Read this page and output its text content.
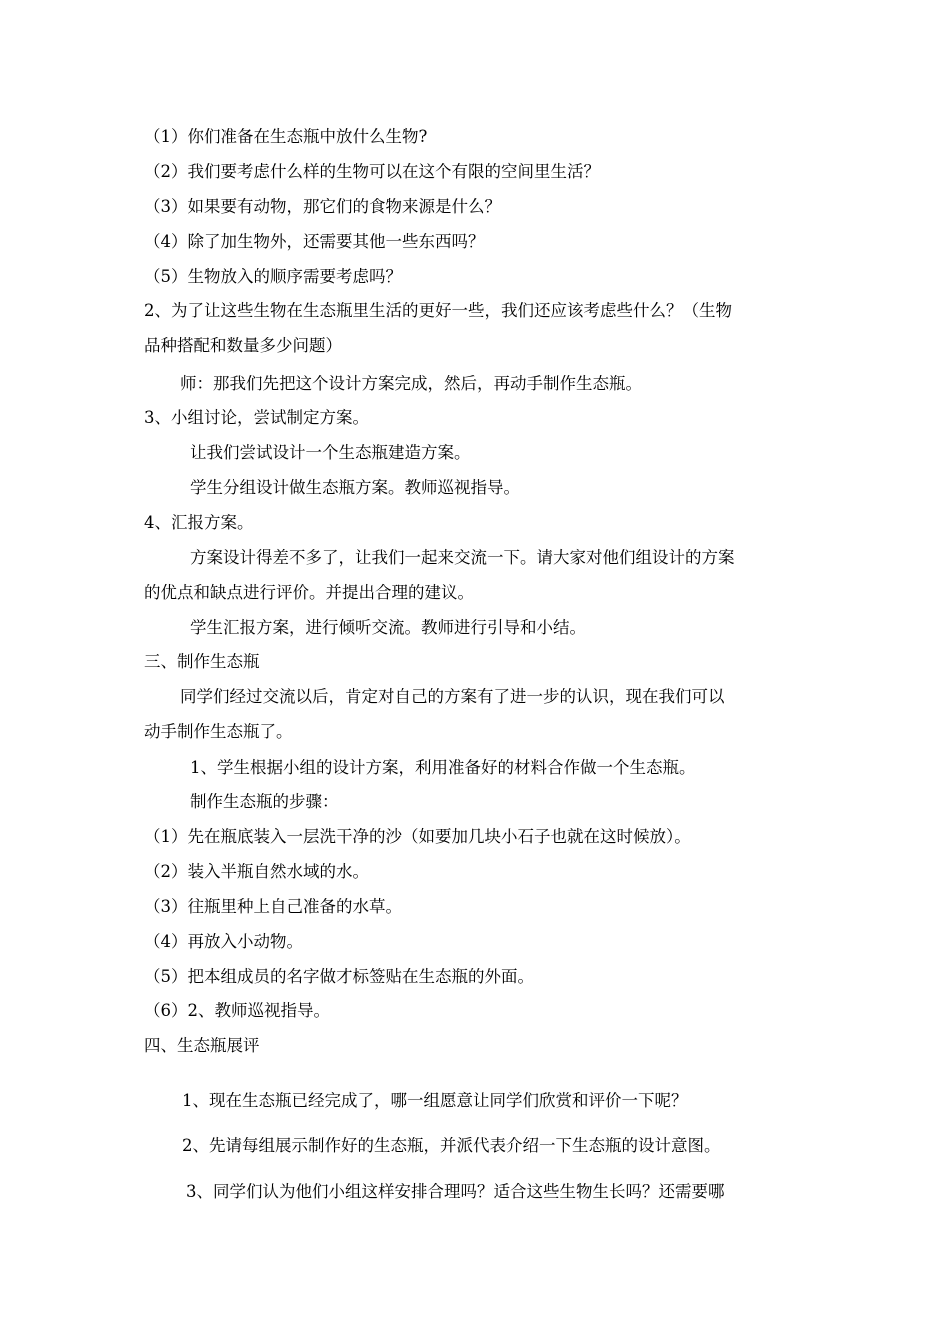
（1）你们准备在生态瓶中放什么生物?
（2）我们要考虑什么样的生物可以在这个有限的空间里生活？
（3）如果要有动物，那它们的食物来源是什么？
（4）除了加生物外，还需要其他一些东西吗？
（5）生物放入的顺序需要考虑吗？
2、为了让这些生物在生态瓶里生活的更好一些，我们还应该考虑些什么？（生物
品种搭配和数量多少问题）
师：那我们先把这个设计方案完成，然后，再动手制作生态瓶。
3、小组讨论，尝试制定方案。
让我们尝试设计一个生态瓶建造方案。
学生分组设计做生态瓶方案。教师巡视指导。
4、汇报方案。
方案设计得差不多了，让我们一起来交流一下。请大家对他们组设计的方案
的优点和缺点进行评价。并提出合理的建议。
学生汇报方案，进行倾听交流。教师进行引导和小结。
三、制作生态瓶
同学们经过交流以后，肯定对自己的方案有了进一步的认识，现在我们可以
动手制作生态瓶了。
1、学生根据小组的设计方案，利用准备好的材料合作做一个生态瓶。
制作生态瓶的步骤：
（1）先在瓶底装入一层洗干净的沙（如要加几块小石子也就在这时候放）。
（2）装入半瓶自然水域的水。
（3）往瓶里种上自己准备的水草。
（4）再放入小动物。
（5）把本组成员的名字做才标签贴在生态瓶的外面。
（6）2、教师巡视指导。
四、生态瓶展评
1、现在生态瓶已经完成了，哪一组愿意让同学们欣赏和评价一下呢？
2、先请每组展示制作好的生态瓶，并派代表介绍一下生态瓶的设计意图。
3、同学们认为他们小组这样安排合理吗？适合这些生物生长吗？还需要哪
